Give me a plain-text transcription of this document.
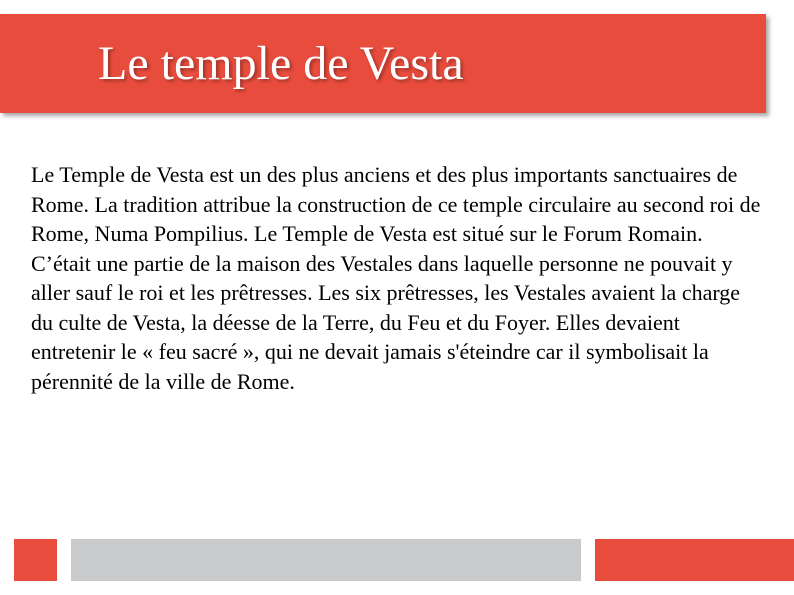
Le temple de Vesta
Le Temple de Vesta est un des plus anciens et des plus importants sanctuaires de Rome. La tradition attribue la construction de ce temple circulaire au second roi de Rome, Numa Pompilius. Le Temple de Vesta est situé sur le Forum Romain. C’était une partie de la maison des Vestales dans laquelle personne ne pouvait y aller sauf le roi et les prêtresses. Les six prêtresses, les Vestales avaient la charge du culte de Vesta, la déesse de la Terre, du Feu et du Foyer. Elles devaient entretenir le « feu sacré », qui ne devait jamais s'éteindre car il symbolisait la pérennité de la ville de Rome.
